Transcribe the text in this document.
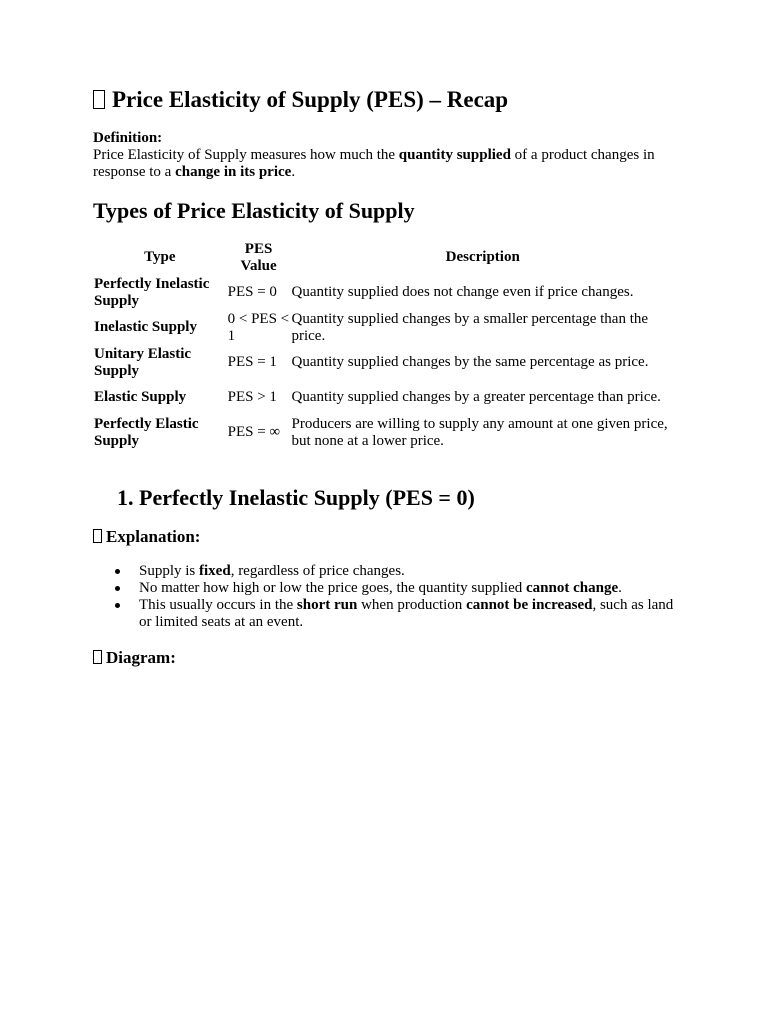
Price Elasticity of Supply (PES) – Recap
Definition:
Price Elasticity of Supply measures how much the quantity supplied of a product changes in response to a change in its price.
Types of Price Elasticity of Supply
Type	PES Value	Description
Perfectly Inelastic Supply	PES = 0	Quantity supplied does not change even if price changes.
Inelastic Supply	0 < PES < 1	Quantity supplied changes by a smaller percentage than the price.
Unitary Elastic Supply	PES = 1	Quantity supplied changes by the same percentage as price.
Elastic Supply	PES > 1	Quantity supplied changes by a greater percentage than price.
Perfectly Elastic Supply	PES = ∞	Producers are willing to supply any amount at one given price, but none at a lower price.
1. Perfectly Inelastic Supply (PES = 0)
Explanation:
Supply is fixed, regardless of price changes.
No matter how high or low the price goes, the quantity supplied cannot change.
This usually occurs in the short run when production cannot be increased, such as land or limited seats at an event.
Diagram:
